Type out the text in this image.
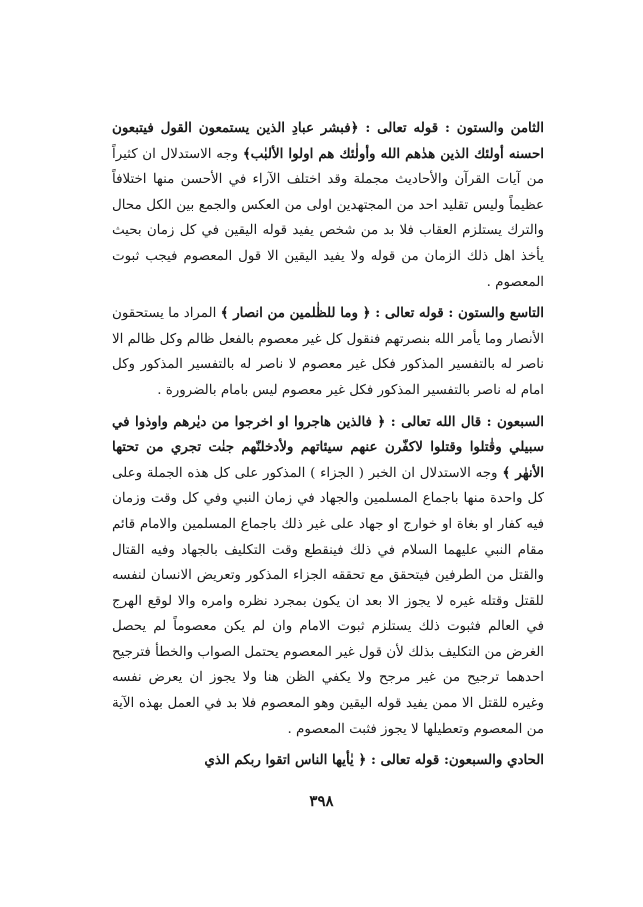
الثامن والستون : قوله تعالى : ﴿فبشر عبادِ الذين يستمعون القول فيتبعون احسنه أولئك الذين هدٰهم الله وأولٰئك هم اولوا الألبٰب﴾ وجه الاستدلال ان كثيراً من آيات القرآن والأحاديث مجملة وقد اختلف الآراء في الأحسن منها اختلافاً عظيماً وليس تقليد احد من المجتهدين اولى من العكس والجمع بين الكل محال والترك يستلزم العقاب فلا بد من شخص يفيد قوله اليقين في كل زمان بحيث يأخذ اهل ذلك الزمان من قوله ولا يفيد اليقين الا قول المعصوم فيجب ثبوت المعصوم .

التاسع والستون : قوله تعالى : ﴿ وما للظٰلمين من انصار ﴾ المراد ما يستحقون الأنصار وما يأمر الله بنصرتهم فنقول كل غير معصوم بالفعل ظالم وكل ظالم الا ناصر له بالتفسير المذكور فكل غير معصوم لا ناصر له بالتفسير المذكور وكل امام له ناصر بالتفسير المذكور فكل غير معصوم ليس بامام بالضرورة .

السبعون : قال الله تعالى : ﴿ فالذين هاجروا او اخرجوا من ديٰرهم واوذوا في سبيلي وقٰتلوا وقتلوا لاكفّرن عنهم سيئاتهم ولأدخلنّهم جنٰت تجري من تحتها الأنهٰر ﴾ وجه الاستدلال ان الخبر ( الجزاء ) المذكور على كل هذه الجملة وعلى كل واحدة منها باجماع المسلمين والجهاد في زمان النبي وفي كل وقت وزمان فيه كفار او بغاة او خوارج او جهاد على غير ذلك باجماع المسلمين والامام قائم مقام النبي عليهما السلام في ذلك فينقطع وقت التكليف بالجهاد وفيه القتال والقتل من الطرفين فيتحقق مع تحققه الجزاء المذكور وتعريض الانسان لنفسه للقتل وقتله غيره لا يجوز الا بعد ان يكون بمجرد نظره وامره والا لوقع الهرج في العالم فثبوت ذلك يستلزم ثبوت الامام وان لم يكن معصوماً لم يحصل الغرض من التكليف بذلك لأن قول غير المعصوم يحتمل الصواب والخطأ فترجيح احدهما ترجيح من غير مرجح ولا يكفي الظن هنا ولا يجوز ان يعرض نفسه وغيره للقتل الا ممن يفيد قوله اليقين وهو المعصوم فلا بد في العمل بهذه الآية من المعصوم وتعطيلها لا يجوز فثبت المعصوم .

الحادي والسبعون: قوله تعالى : ﴿ يٰأيها الناس اتقوا ربكم الذي

٣٩٨
